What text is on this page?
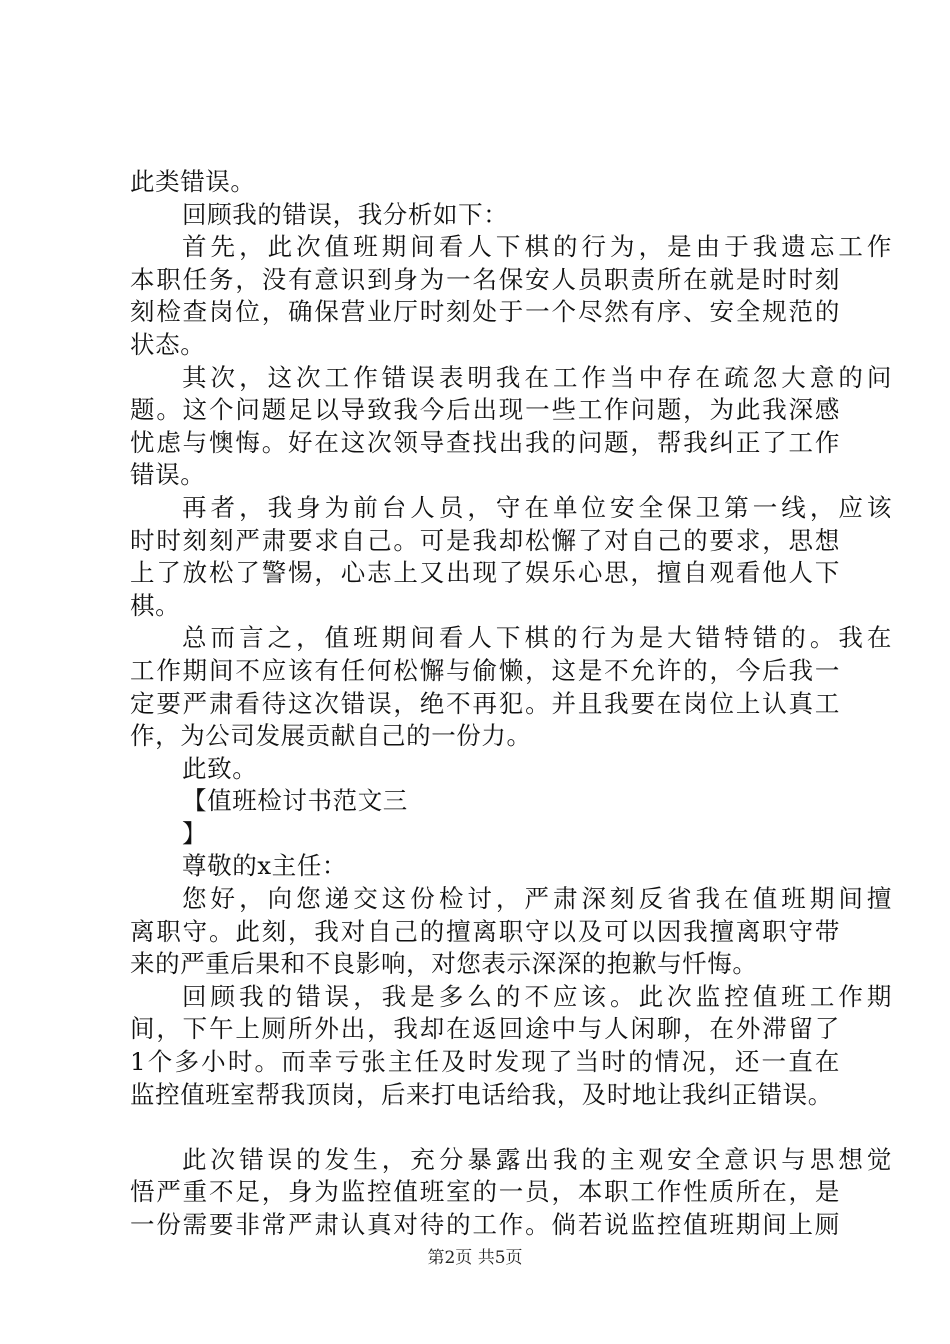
此类错误。
回顾我的错误，我分析如下：
首先，此次值班期间看人下棋的行为，是由于我遗忘工作
本职任务，没有意识到身为一名保安人员职责所在就是时时刻
刻检查岗位，确保营业厅时刻处于一个尽然有序、安全规范的
状态。
其次，这次工作错误表明我在工作当中存在疏忽大意的问
题。这个问题足以导致我今后出现一些工作问题，为此我深感
忧虑与懊悔。好在这次领导查找出我的问题，帮我纠正了工作
错误。
再者，我身为前台人员，守在单位安全保卫第一线，应该
时时刻刻严肃要求自己。可是我却松懈了对自己的要求，思想
上了放松了警惕，心志上又出现了娱乐心思，擅自观看他人下
棋。
总而言之，值班期间看人下棋的行为是大错特错的。我在
工作期间不应该有任何松懈与偷懒，这是不允许的，今后我一
定要严肃看待这次错误，绝不再犯。并且我要在岗位上认真工
作，为公司发展贡献自己的一份力。
此致。
【值班检讨书范文三
】
尊敬的x主任：
您好，向您递交这份检讨，严肃深刻反省我在值班期间擅
离职守。此刻，我对自己的擅离职守以及可以因我擅离职守带
来的严重后果和不良影响，对您表示深深的抱歉与忏悔。
回顾我的错误，我是多么的不应该。此次监控值班工作期
间，下午上厕所外出，我却在返回途中与人闲聊，在外滞留了
1个多小时。而幸亏张主任及时发现了当时的情况，还一直在
监控值班室帮我顶岗，后来打电话给我，及时地让我纠正错误。
此次错误的发生，充分暴露出我的主观安全意识与思想觉
悟严重不足，身为监控值班室的一员，本职工作性质所在，是
一份需要非常严肃认真对待的工作。倘若说监控值班期间上厕
第2页 共5页
